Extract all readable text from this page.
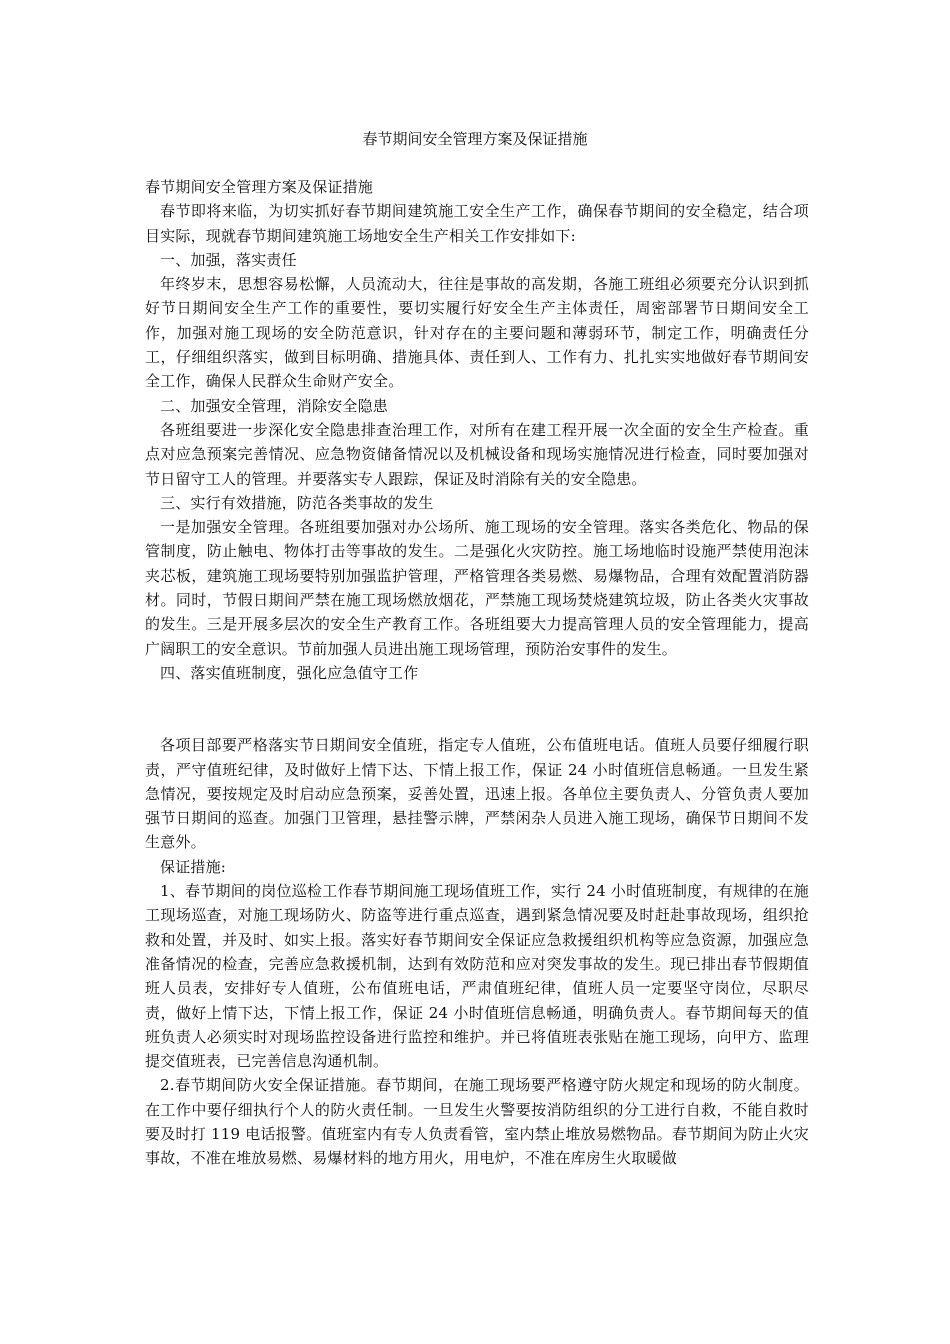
春节期间安全管理方案及保证措施

春节期间安全管理方案及保证措施

春节即将来临，为切实抓好春节期间建筑施工安全生产工作，确保春节期间的安全稳定，结合项目实际，现就春节期间建筑施工场地安全生产相关工作安排如下:

一、加强，落实责任

年终岁末，思想容易松懈，人员流动大，往往是事故的高发期，各施工班组必须要充分认识到抓好节日期间安全生产工作的重要性，要切实履行好安全生产主体责任，周密部署节日期间安全工作，加强对施工现场的安全防范意识，针对存在的主要问题和薄弱环节，制定工作，明确责任分工，仔细组织落实，做到目标明确、措施具体、责任到人、工作有力、扎扎实实地做好春节期间安全工作，确保人民群众生命财产安全。

二、加强安全管理，消除安全隐患

各班组要进一步深化安全隐患排查治理工作，对所有在建工程开展一次全面的安全生产检查。重点对应急预案完善情况、应急物资储备情况以及机械设备和现场实施情况进行检查，同时要加强对节日留守工人的管理。并要落实专人跟踪，保证及时消除有关的安全隐患。

三、实行有效措施，防范各类事故的发生

一是加强安全管理。各班组要加强对办公场所、施工现场的安全管理。落实各类危化、物品的保管制度，防止触电、物体打击等事故的发生。二是强化火灾防控。施工场地临时设施严禁使用泡沫夹芯板，建筑施工现场要特别加强监护管理，严格管理各类易燃、易爆物品，合理有效配置消防器材。同时，节假日期间严禁在施工现场燃放烟花，严禁施工现场焚烧建筑垃圾，防止各类火灾事故的发生。三是开展多层次的安全生产教育工作。各班组要大力提高管理人员的安全管理能力，提高广阔职工的安全意识。节前加强人员进出施工现场管理，预防治安事件的发生。

四、落实值班制度，强化应急值守工作

各项目部要严格落实节日期间安全值班，指定专人值班，公布值班电话。值班人员要仔细履行职责，严守值班纪律，及时做好上情下达、下情上报工作，保证 24 小时值班信息畅通。一旦发生紧急情况，要按规定及时启动应急预案，妥善处置，迅速上报。各单位主要负责人、分管负责人要加强节日期间的巡查。加强门卫管理，悬挂警示牌，严禁闲杂人员进入施工现场，确保节日期间不发生意外。

保证措施:

1、春节期间的岗位巡检工作春节期间施工现场值班工作，实行 24 小时值班制度，有规律的在施工现场巡查，对施工现场防火、防盗等进行重点巡查，遇到紧急情况要及时赶赴事故现场，组织抢救和处置，并及时、如实上报。落实好春节期间安全保证应急救援组织机构等应急资源，加强应急准备情况的检查，完善应急救援机制，达到有效防范和应对突发事故的发生。现已排出春节假期值班人员表，安排好专人值班，公布值班电话，严肃值班纪律，值班人员一定要坚守岗位，尽职尽责，做好上情下达，下情上报工作，保证 24 小时值班信息畅通，明确负责人。春节期间每天的值班负责人必须实时对现场监控设备进行监控和维护。并已将值班表张贴在施工现场，向甲方、监理提交值班表，已完善信息沟通机制。

2.春节期间防火安全保证措施。春节期间，在施工现场要严格遵守防火规定和现场的防火制度。在工作中要仔细执行个人的防火责任制。一旦发生火警要按消防组织的分工进行自救，不能自救时要及时打 119 电话报警。值班室内有专人负责看管，室内禁止堆放易燃物品。春节期间为防止火灾事故，不准在堆放易燃、易爆材料的地方用火，用电炉，不准在库房生火取暖做
